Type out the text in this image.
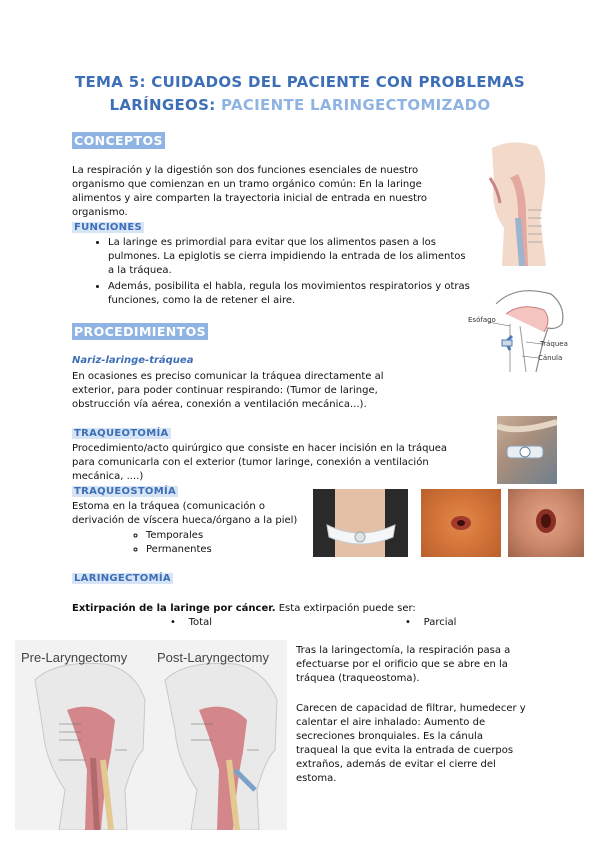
TEMA 5: CUIDADOS DEL PACIENTE CON PROBLEMAS
LARÍNGEOS: PACIENTE LARINGECTOMIZADO
CONCEPTOS
La respiración y la digestión son dos funciones esenciales de nuestro organismo que comienzan en un tramo orgánico común: En la laringe alimentos y aire comparten la trayectoria inicial de entrada en nuestro organismo.
FUNCIONES
• La laringe es primordial para evitar que los alimentos pasen a los pulmones. La epiglotis se cierra impidiendo la entrada de los alimentos a la tráquea.
• Además, posibilita el habla, regula los movimientos respiratorios y otras funciones, como la de retener el aire.
PROCEDIMIENTOS
Nariz-laringe-tráquea
En ocasiones es preciso comunicar la tráquea directamente al exterior, para poder continuar respirando: (Tumor de laringe, obstrucción vía aérea, conexión a ventilación mecánica...).
TRAQUEOTOMÍA
Procedimiento/acto quirúrgico que consiste en hacer incisión en la tráquea para comunicarla con el exterior (tumor laringe, conexión a ventilación mecánica, ....)
TRAQUEOSTOMÍA
Estoma en la tráquea (comunicación o derivación de víscera hueca/órgano a la piel)
◦ Temporales
◦ Permanentes
LARINGECTOMÍA
Extirpación de la laringe por cáncer. Esta extirpación puede ser:
•    Total	•    Parcial
Tras la laringectomía, la respiración pasa a efectuarse por el orificio que se abre en la tráquea (traqueostoma).
Carecen de capacidad de filtrar, humedecer y calentar el aire inhalado: Aumento de secreciones bronquiales. Es la cánula traqueal la que evita la entrada de cuerpos extraños, además de evitar el cierre del estoma.
Esófago
Tráquea
Cánula
Pre-Laryngectomy Post-Laryngectomy
